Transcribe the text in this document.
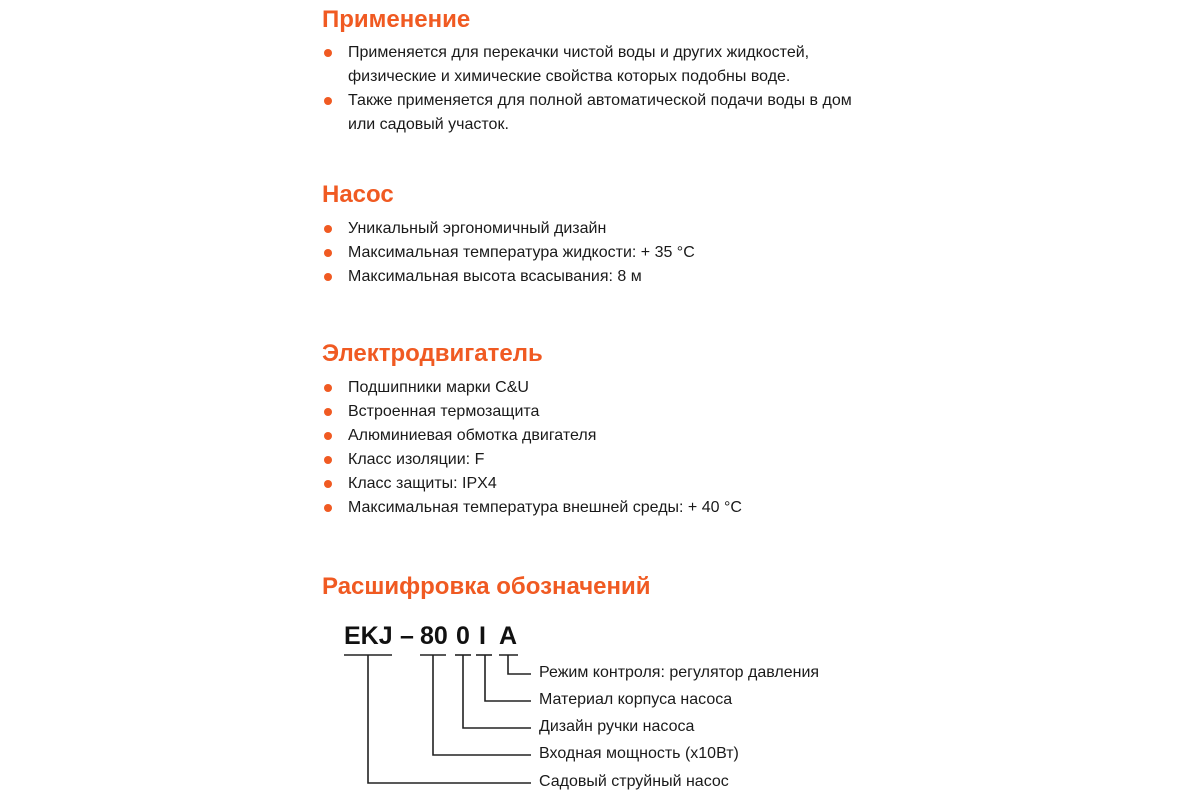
Применение
Применяется для перекачки чистой воды и других жидкостей,
физические и химические свойства которых подобны воде.
Также применяется для полной автоматической подачи воды в дом
или садовый участок.
Насос
Уникальный эргономичный дизайн
Максимальная температура жидкости: + 35 °C
Максимальная высота всасывания: 8 м
Электродвигатель
Подшипники марки C&U
Встроенная термозащита
Алюминиевая обмотка двигателя
Класс изоляции: F
Класс защиты: IPX4
Максимальная температура внешней среды: + 40 °C
Расшифровка обозначений
EKJ – 80 0 I A
Режим контроля: регулятор давления
Материал корпуса насоса
Дизайн ручки насоса
Входная мощность (х10Вт)
Садовый струйный насос
